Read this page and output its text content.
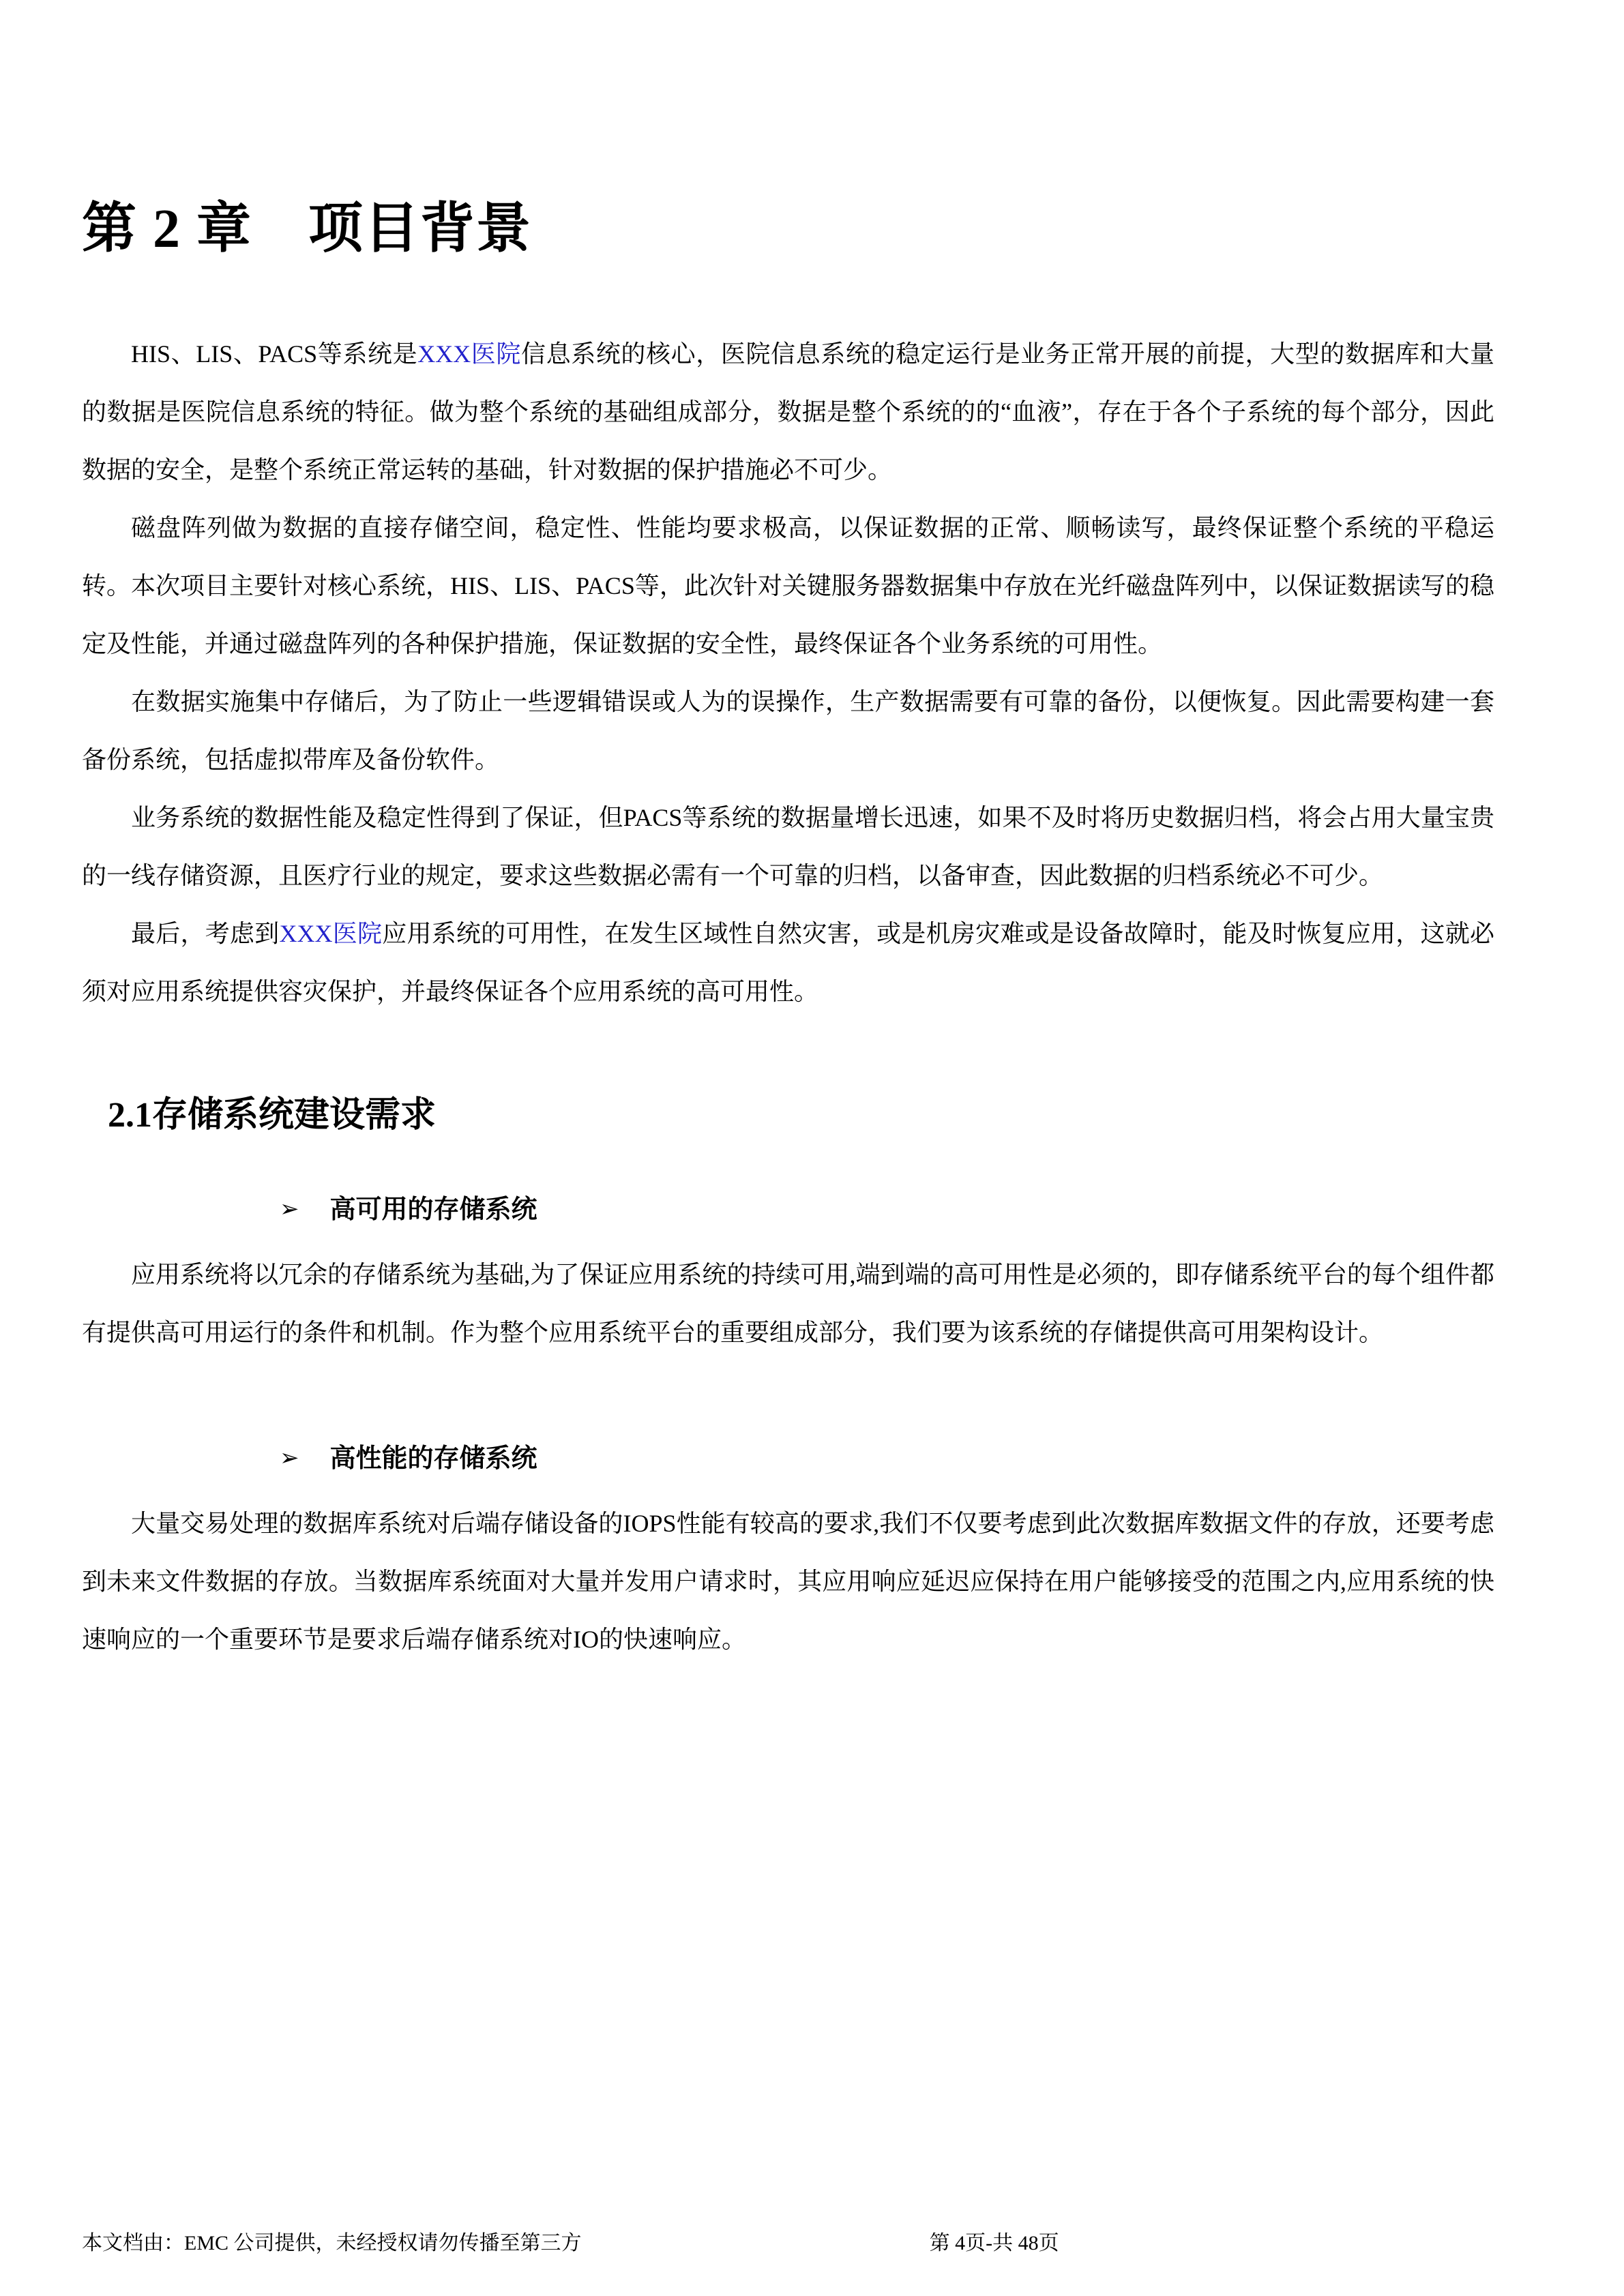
第 2 章　项目背景

HIS、LIS、PACS等系统是XXX医院信息系统的核心，医院信息系统的稳定运行是业务正常开展的前提，大型的数据库和大量的数据是医院信息系统的特征。做为整个系统的基础组成部分，数据是整个系统的的“血液”，存在于各个子系统的每个部分，因此数据的安全，是整个系统正常运转的基础，针对数据的保护措施必不可少。

磁盘阵列做为数据的直接存储空间，稳定性、性能均要求极高，以保证数据的正常、顺畅读写，最终保证整个系统的平稳运转。本次项目主要针对核心系统，HIS、LIS、PACS等，此次针对关键服务器数据集中存放在光纤磁盘阵列中，以保证数据读写的稳定及性能，并通过磁盘阵列的各种保护措施，保证数据的安全性，最终保证各个业务系统的可用性。

在数据实施集中存储后，为了防止一些逻辑错误或人为的误操作，生产数据需要有可靠的备份，以便恢复。因此需要构建一套备份系统，包括虚拟带库及备份软件。

业务系统的数据性能及稳定性得到了保证，但PACS等系统的数据量增长迅速，如果不及时将历史数据归档，将会占用大量宝贵的一线存储资源，且医疗行业的规定，要求这些数据必需有一个可靠的归档，以备审查，因此数据的归档系统必不可少。

最后，考虑到XXX医院应用系统的可用性，在发生区域性自然灾害，或是机房灾难或是设备故障时，能及时恢复应用，这就必须对应用系统提供容灾保护，并最终保证各个应用系统的高可用性。

2.1存储系统建设需求
➢ 高可用的存储系统

应用系统将以冗余的存储系统为基础,为了保证应用系统的持续可用,端到端的高可用性是必须的，即存储系统平台的每个组件都有提供高可用运行的条件和机制。作为整个应用系统平台的重要组成部分，我们要为该系统的存储提供高可用架构设计。

➢ 高性能的存储系统

大量交易处理的数据库系统对后端存储设备的IOPS性能有较高的要求,我们不仅要考虑到此次数据库数据文件的存放，还要考虑到未来文件数据的存放。当数据库系统面对大量并发用户请求时，其应用响应延迟应保持在用户能够接受的范围之内,应用系统的快速响应的一个重要环节是要求后端存储系统对IO的快速响应。

本文档由：EMC 公司提供，未经授权请勿传播至第三方	第 4页-共 48页
